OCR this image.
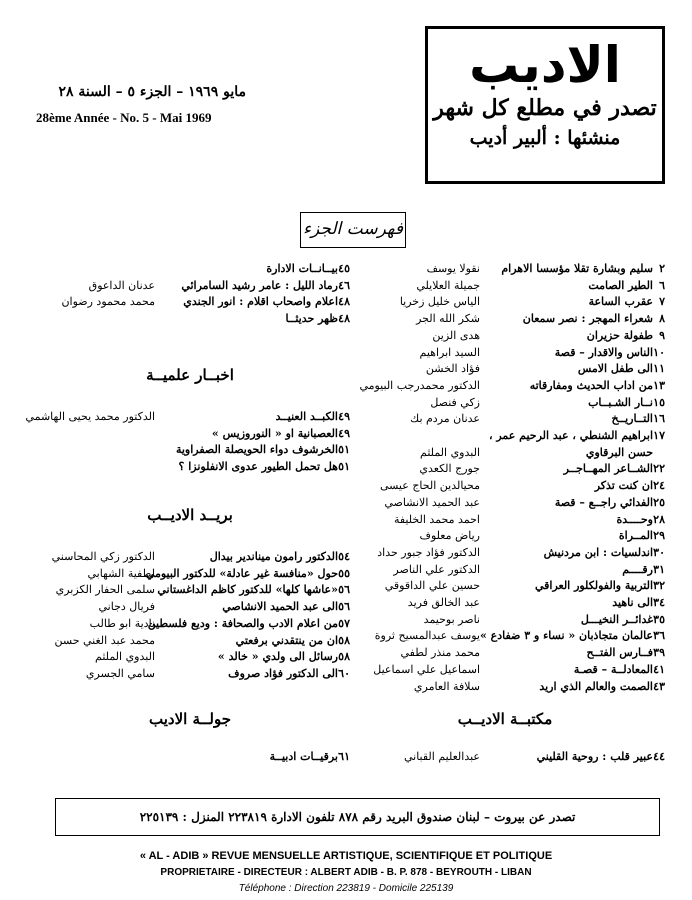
الاديب
تصدر في مطلع كل شهر
منشئها : ألبير أديب
مايو ١٩٦٩ – الجزء ٥ – السنة ٢٨
28ème Année - No. 5 - Mai 1969
فهرست الجزء
٢
سليم وبشارة تقلا مؤسسا الاهرام
نقولا يوسف
٦
الطير الصامت
جميلة العلايلي
٧
عقرب الساعة
الياس خليل زخريا
٨
شعراء المهجر : نصر سمعان
شكر الله الجر
٩
طفولة حزيران
هدى الزين
١٠
الناس والاقدار – قصة
السيد ابراهيم
١١
الى طفل الامس
فؤاد الخشن
١٣
من اداب الحديث ومفارقاته
الدكتور محمدرجب البيومي
١٥
نــار الشـبــاب
زكي فنصل
١٦
التــاريــخ
عدنان مردم بك
١٧
ابراهيم الشنطي ، عبد الرحيم عمر ،
حسن البرقاوي
البدوي الملثم
٢٢
الشــاعر المهــاجــر
جورج الكعدي
٢٤
ان كنت تذكر
محيالدين الحاج عيسى
٢٥
الفدائي راجــع – قصة
عبد الحميد الانشاصي
٢٨
وحــــدة
احمد محمد الخليفة
٢٩
المــراة
رياض معلوف
٣٠
اندلسيات : ابن مردنيش
الدكتور فؤاد جبور حداد
٣١
رقــــم
الدكتور علي الناصر
٣٢
التربية والفولكلور العراقي
حسين علي الداقوقي
٣٤
الى ناهيد
عبد الخالق فريد
٣٥
غدائــر النخيـــل
ناصر بوحيمد
٣٦
عالمان متجاذبان « نساء و ٣ ضفادع »
يوسف عبدالمسيح ثروة
٣٩
فــارس الفتــح
محمد منذر لطفي
٤١
المعادلــة – قصـة
اسماعيل علي اسماعيل
٤٣
الصمت والعالم الذي اريد
سلافة العامري
مكتبــة الاديــب
٤٤
عبير قلب : روحية القليني
عبدالعليم القباني
٤٥
بيــانــات الادارة
٤٦
رماد الليل : عامر رشيد السامرائي
عدنان الداعوق
٤٨
اعلام واصحاب اقلام : انور الجندي
محمد محمود رضوان
٤٨
ظهر حديثــا
اخبــار علميــة
٤٩
الكبــد العنيــد
الدكتور محمد يحيى الهاشمي
٤٩
العصبانية او « النوروزيس »
٥١
الخرشوف دواء الحويصلة الصفراوية
٥١
هل تحمل الطيور عدوى الانفلونزا ؟
بريــد الاديــب
٥٤
الدكتور رامون ميناندير بيدال
الدكتور زكي المحاسني
٥٥
حول «منافسة غير عادلة» للدكتور البيومي
لطفية الشهابي
٥٦
«عاشها كلها» للدكتور كاظم الداغستاني
سلمى الحفار الكزبري
٥٦
الى عبد الحميد الانشاصي
فريال دجاني
٥٧
من اعلام الادب والصحافة : وديع فلسطين
نادية ابو طالب
٥٨
ان من ينتقدني برفعتي
محمد عبد الغني حسن
٥٨
رسائل الى ولدي « خالد »
البدوي الملثم
٦٠
الى الدكتور فؤاد صروف
سامي الجسري
جولــة الاديب
٦١
برقيــات ادبيــة
تصدر عن بيروت – لبنان صندوق البريد رقم ٨٧٨ تلفون الادارة ٢٢٣٨١٩ المنزل : ٢٢٥١٣٩
« AL - ADIB » REVUE MENSUELLE ARTISTIQUE, SCIENTIFIQUE ET POLITIQUE
PROPRIETAIRE - DIRECTEUR : ALBERT ADIB - B. P. 878 - BEYROUTH - LIBAN
Téléphone : Direction 223819 - Domicile 225139
